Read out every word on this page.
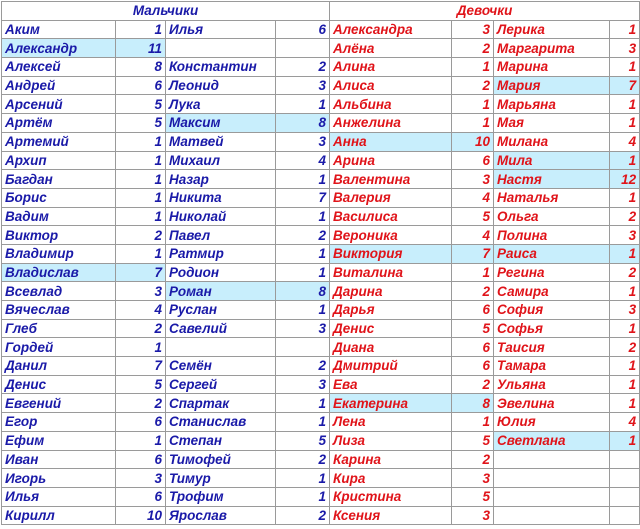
Мальчики				Девочки			
Аким	1	Илья	6	Александра	3	Лерика	1
Александр	11			Алёна	2	Маргарита	3
Алексей	8	Константин	2	Алина	1	Марина	1
Андрей	6	Леонид	3	Алиса	2	Мария	7
Арсений	5	Лука	1	Альбина	1	Марьяна	1
Артём	5	Максим	8	Анжелина	1	Мая	1
Артемий	1	Матвей	3	Анна	10	Милана	4
Архип	1	Михаил	4	Арина	6	Мила	1
Багдан	1	Назар	1	Валентина	3	Настя	12
Борис	1	Никита	7	Валерия	4	Наталья	1
Вадим	1	Николай	1	Василиса	5	Ольга	2
Виктор	2	Павел	2	Вероника	4	Полина	3
Владимир	1	Ратмир	1	Виктория	7	Раиса	1
Владислав	7	Родион	1	Виталина	1	Регина	2
Всевлад	3	Роман	8	Дарина	2	Самира	1
Вячеслав	4	Руслан	1	Дарья	6	София	3
Глеб	2	Савелий	3	Денис	5	Софья	1
Гордей	1			Диана	6	Таисия	2
Данил	7	Семён	2	Дмитрий	6	Тамара	1
Денис	5	Сергей	3	Ева	2	Ульяна	1
Евгений	2	Спартак	1	Екатерина	8	Эвелина	1
Егор	6	Станислав	1	Лена	1	Юлия	4
Ефим	1	Степан	5	Лиза	5	Светлана	1
Иван	6	Тимофей	2	Карина	2		
Игорь	3	Тимур	1	Кира	3		
Илья	6	Трофим	1	Кристина	5		
Кирилл	10	Ярослав	2	Ксения	3		
